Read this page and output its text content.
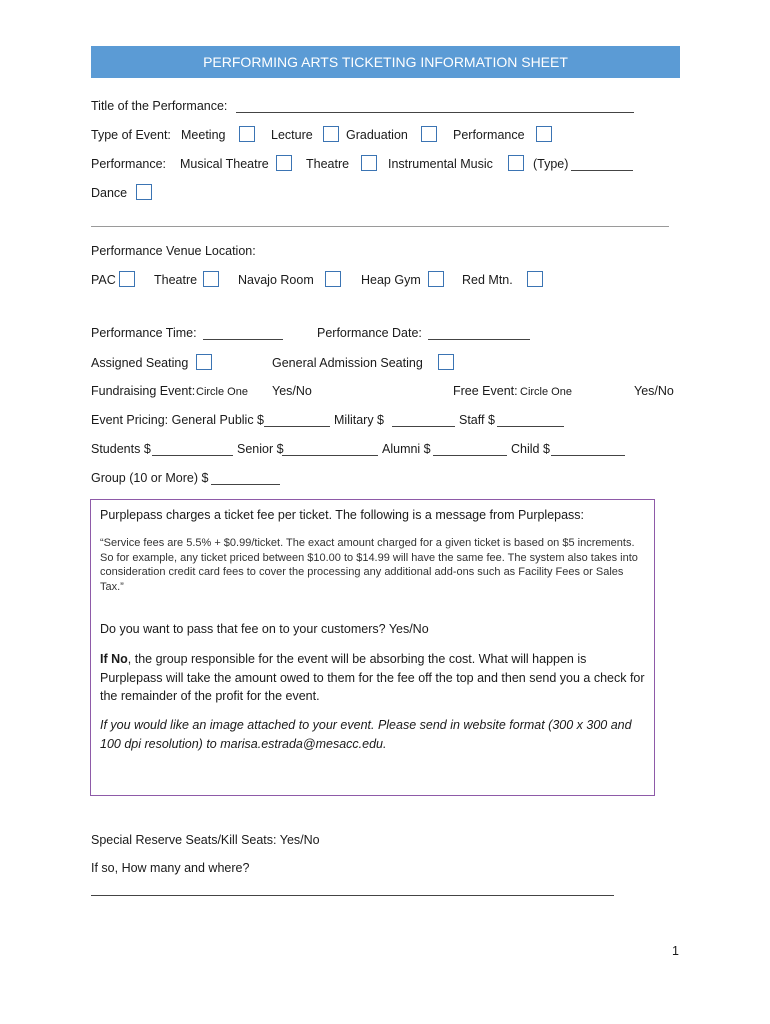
PERFORMING ARTS TICKETING INFORMATION SHEET
Title of the Performance:
Type of Event: Meeting	Lecture	Graduation	Performance
Performance: Musical Theatre	Theatre	Instrumental Music	(Type)
Dance
Performance Venue Location:
PAC	Theatre	Navajo Room	Heap Gym	Red Mtn.
Performance Time:	Performance Date:
Assigned Seating	General Admission Seating
Fundraising Event: Circle One Yes/No	Free Event: Circle One	Yes/No
Event Pricing: General Public $	Military $	Staff $
Students $	Senior $	Alumni $	Child $
Group (10 or More) $
Purplepass charges a ticket fee per ticket. The following is a message from Purplepass:
“Service fees are 5.5% + $0.99/ticket. The exact amount charged for a given ticket is based on $5 increments. So for example, any ticket priced between $10.00 to $14.99 will have the same fee. The system also takes into consideration credit card fees to cover the processing any additional add-ons such as Facility Fees or Sales Tax.”
Do you want to pass that fee on to your customers? Yes/No
If No, the group responsible for the event will be absorbing the cost. What will happen is Purplepass will take the amount owed to them for the fee off the top and then send you a check for the remainder of the profit for the event.
If you would like an image attached to your event. Please send in website format (300 x 300 and 100 dpi resolution) to marisa.estrada@mesacc.edu.
Special Reserve Seats/Kill Seats: Yes/No
If so, How many and where?
1
